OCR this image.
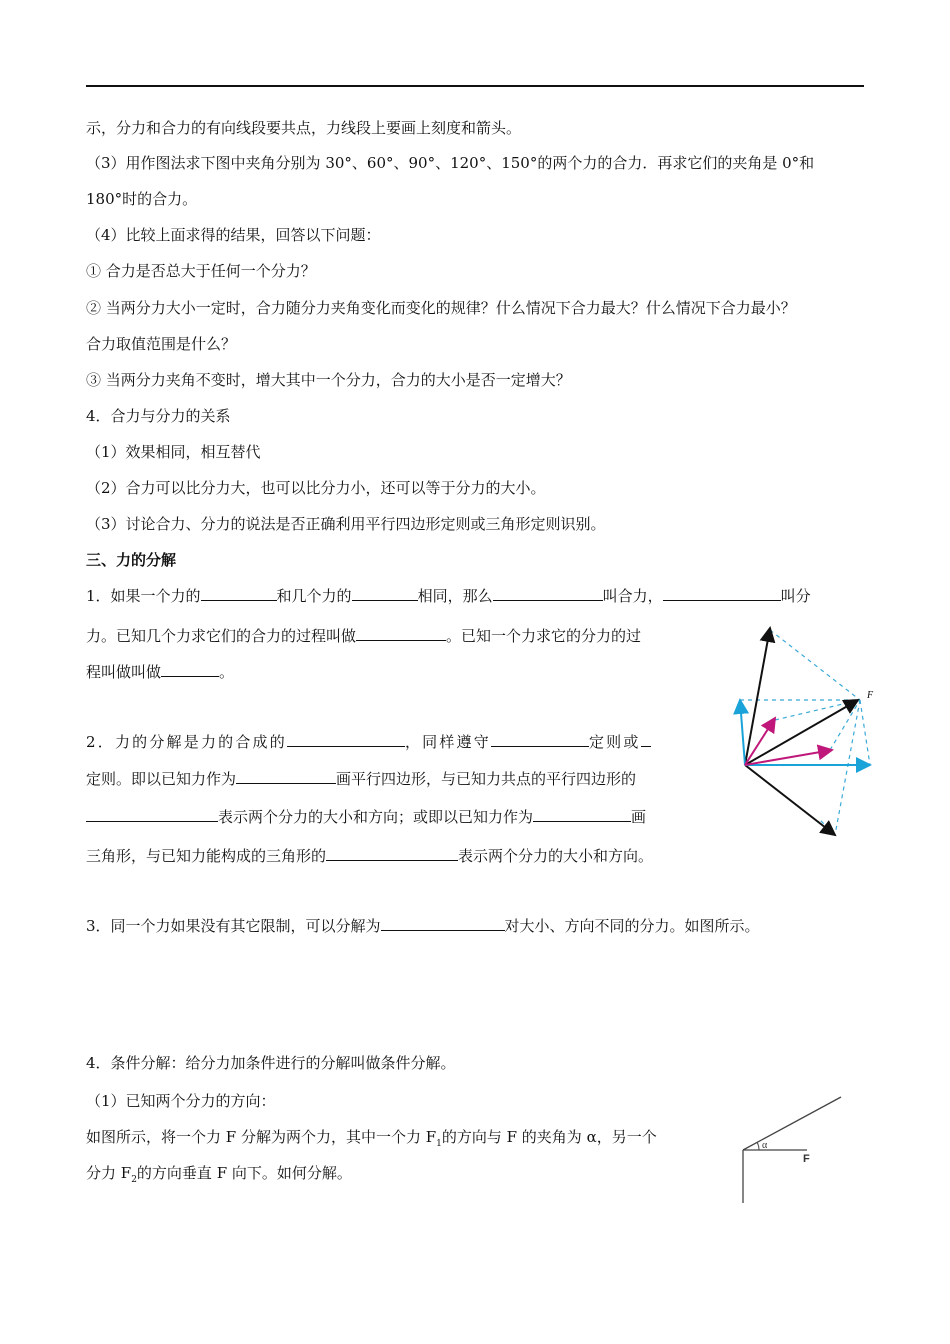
示，分力和合力的有向线段要共点，力线段上要画上刻度和箭头。
（3）用作图法求下图中夹角分别为 30°、60°、90°、120°、150°的两个力的合力．再求它们的夹角是 0°和
180°时的合力。
（4）比较上面求得的结果，回答以下问题：
① 合力是否总大于任何一个分力？
② 当两分力大小一定时，合力随分力夹角变化而变化的规律？什么情况下合力最大？什么情况下合力最小？
合力取值范围是什么？
③ 当两分力夹角不变时，增大其中一个分力，合力的大小是否一定增大？
4．合力与分力的关系
（1）效果相同，相互替代
（2）合力可以比分力大，也可以比分力小，还可以等于分力的大小。
（3）讨论合力、分力的说法是否正确利用平行四边形定则或三角形定则识别。
三、力的分解
1．如果一个力的	和几个力的	相同，那么	叫合力，	叫分
力。已知几个力求它们的合力的过程叫做	。已知一个力求它的分力的过
程叫做叫做	。
2．力的分解是力的合成的	，同样遵守	定则或
定则。即以已知力作为	画平行四边形，与已知力共点的平行四边形的
表示两个分力的大小和方向；或即以已知力作为	画
三角形，与已知力能构成的三角形的	表示两个分力的大小和方向。
3．同一个力如果没有其它限制，可以分解为	对大小、方向不同的分力。如图所示。
4．条件分解：给分力加条件进行的分解叫做条件分解。
（1）已知两个分力的方向：
如图所示，将一个力 F 分解为两个力，其中一个力 $F_1$的方向与 F 的夹角为 α，另一个
分力 $F_2$的方向垂直 F 向下。如何分解。
F
α
F
